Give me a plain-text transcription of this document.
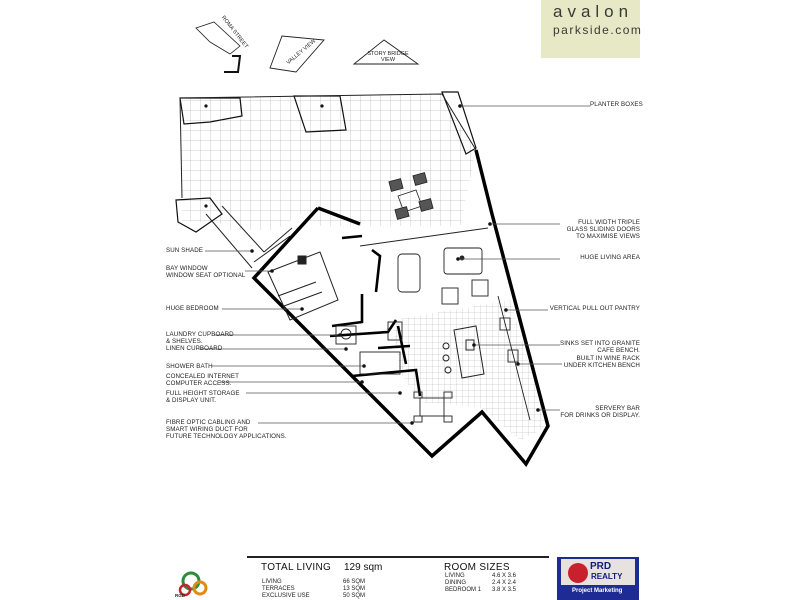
avalon
parkside.com
ROMA STREET
VALLEY VIEW	STORY BRIDGE VIEW
PLANTER BOXES
FULL WIDTH TRIPLE
GLASS SLIDING DOORS
TO MAXIMISE VIEWS
HUGE LIVING AREA
VERTICAL PULL OUT PANTRY
SINKS SET INTO GRANITE
CAFE BENCH.
BUILT IN WINE RACK
UNDER KITCHEN BENCH
SERVERY BAR
FOR DRINKS OR DISPLAY.
SUN SHADE
BAY WINDOW
WINDOW SEAT OPTIONAL
HUGE BEDROOM
LAUNDRY CUPBOARD
& SHELVES.
LINEN CUPBOARD
SHOWER BATH
CONCEALED INTERNET
COMPUTER ACCESS.
FULL HEIGHT STORAGE
& DISPLAY UNIT.
FIBRE OPTIC CABLING AND
SMART WIRING DUCT FOR
FUTURE TECHNOLOGY APPLICATIONS.
TOTAL LIVING 129 sqm
LIVING	66 SQM
TERRACES	13 SQM
EXCLUSIVE USE	50 SQM
ROOM SIZES
LIVING	4.6 X 3.6
DINING	2.4 X 2.4
BEDROOM 1 3.8 X 3.5
RGD
PRD
REALTY
Project Marketing
